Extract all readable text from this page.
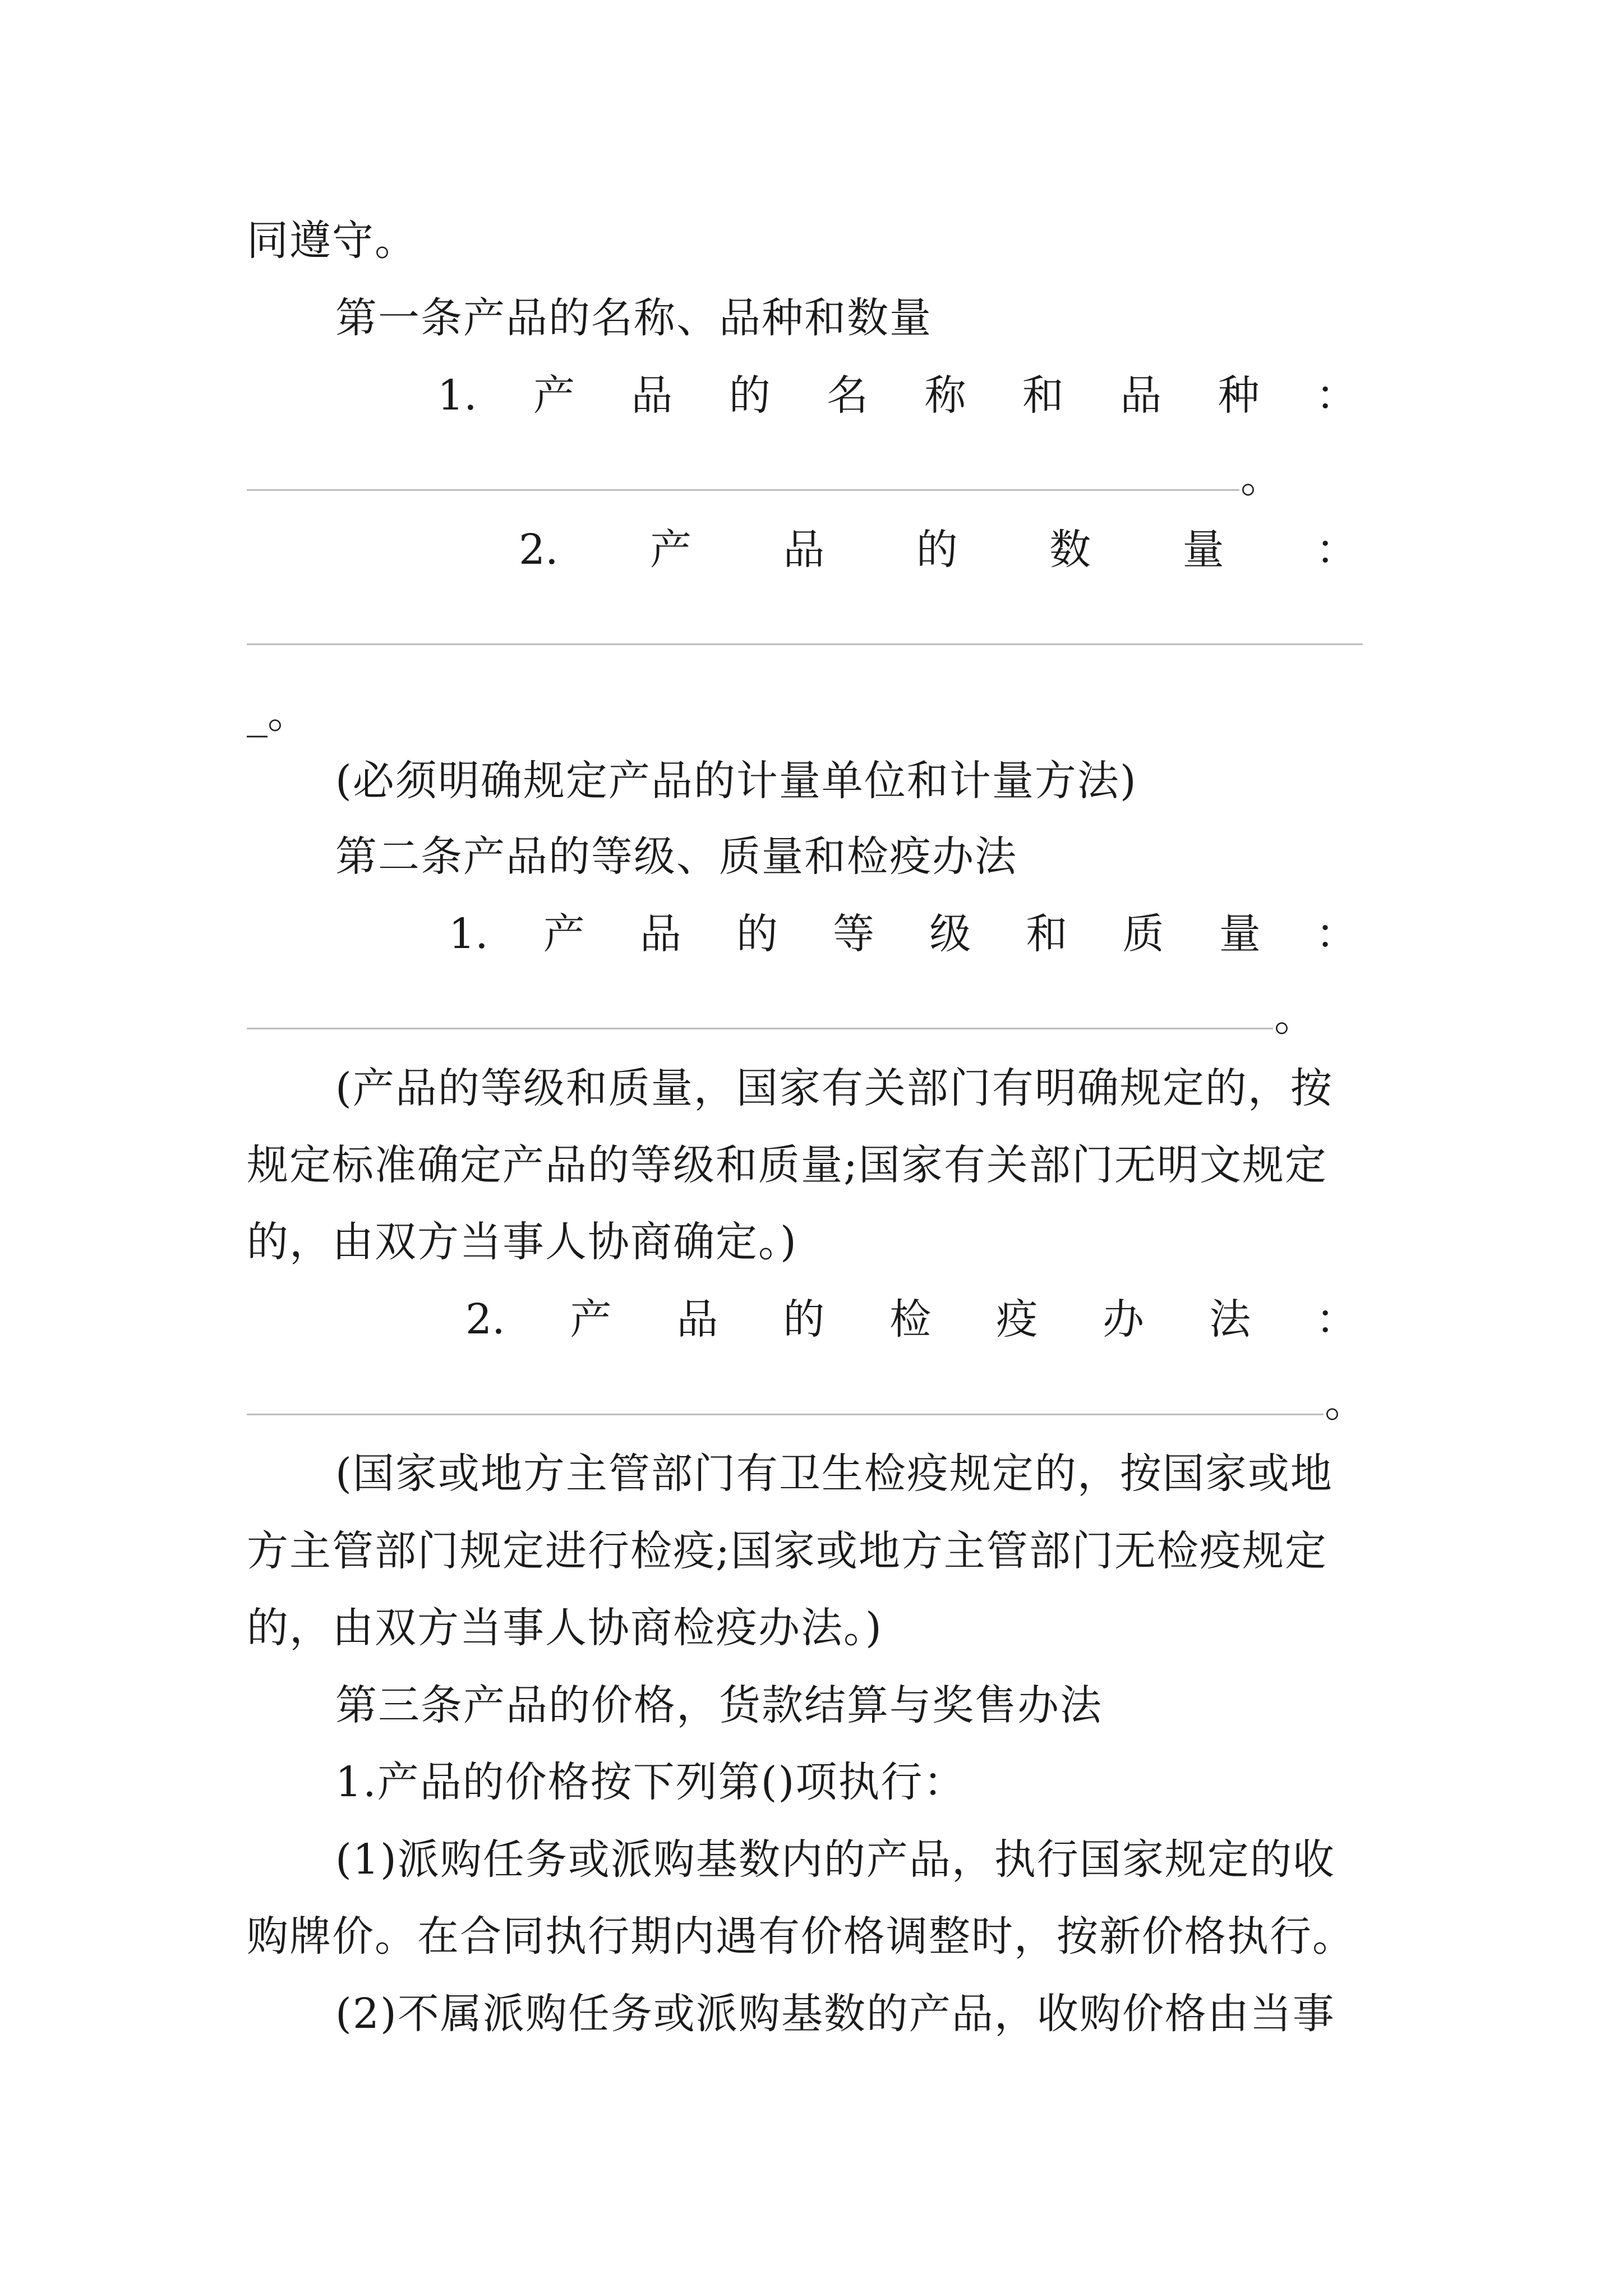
同遵守。
第一条产品的名称、品种和数量
1. 产 品 的 名 称 和 品 种 ：
。
2. 产 品 的 数 量 ：
_。
(必须明确规定产品的计量单位和计量方法)
第二条产品的等级、质量和检疫办法
1. 产 品 的 等 级 和 质 量 ：
。
(产品的等级和质量，国家有关部门有明确规定的，按
规定标准确定产品的等级和质量;国家有关部门无明文规定
的，由双方当事人协商确定。)
2. 产 品 的 检 疫 办 法 ：
。
(国家或地方主管部门有卫生检疫规定的，按国家或地
方主管部门规定进行检疫;国家或地方主管部门无检疫规定
的，由双方当事人协商检疫办法。)
第三条产品的价格，货款结算与奖售办法
1.产品的价格按下列第()项执行：
(1)派购任务或派购基数内的产品，执行国家规定的收
购牌价。在合同执行期内遇有价格调整时，按新价格执行。
(2)不属派购任务或派购基数的产品，收购价格由当事
